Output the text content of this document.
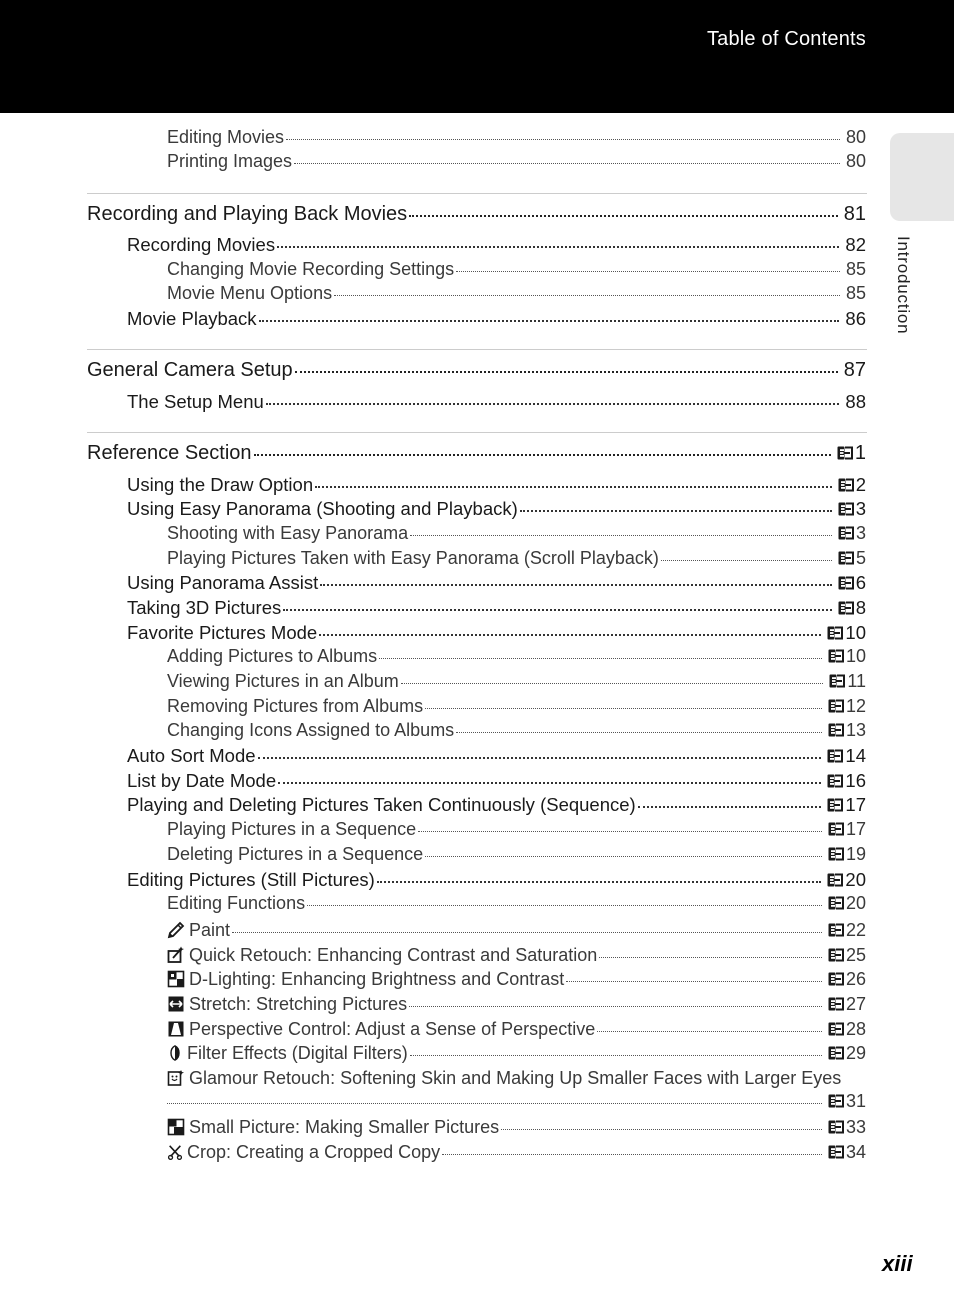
Table of Contents
Introduction
Editing Movies	80
Printing Images	80
Recording and Playing Back Movies	81
Recording Movies	82
Changing Movie Recording Settings	85
Movie Menu Options	85
Movie Playback	86
General Camera Setup	87
The Setup Menu	88
Reference Section	1
Using the Draw Option	2
Using Easy Panorama (Shooting and Playback)	3
Shooting with Easy Panorama	3
Playing Pictures Taken with Easy Panorama (Scroll Playback)	5
Using Panorama Assist	6
Taking 3D Pictures	8
Favorite Pictures Mode	10
Adding Pictures to Albums	10
Viewing Pictures in an Album	11
Removing Pictures from Albums	12
Changing Icons Assigned to Albums	13
Auto Sort Mode	14
List by Date Mode	16
Playing and Deleting Pictures Taken Continuously (Sequence)	17
Playing Pictures in a Sequence	17
Deleting Pictures in a Sequence	19
Editing Pictures (Still Pictures)	20
Editing Functions	20
Paint	22
Quick Retouch: Enhancing Contrast and Saturation	25
D-Lighting: Enhancing Brightness and Contrast	26
Stretch: Stretching Pictures	27
Perspective Control: Adjust a Sense of Perspective	28
Filter Effects (Digital Filters)	29
Glamour Retouch: Softening Skin and Making Up Smaller Faces with Larger Eyes
31
Small Picture: Making Smaller Pictures	33
Crop: Creating a Cropped Copy	34
xiii
